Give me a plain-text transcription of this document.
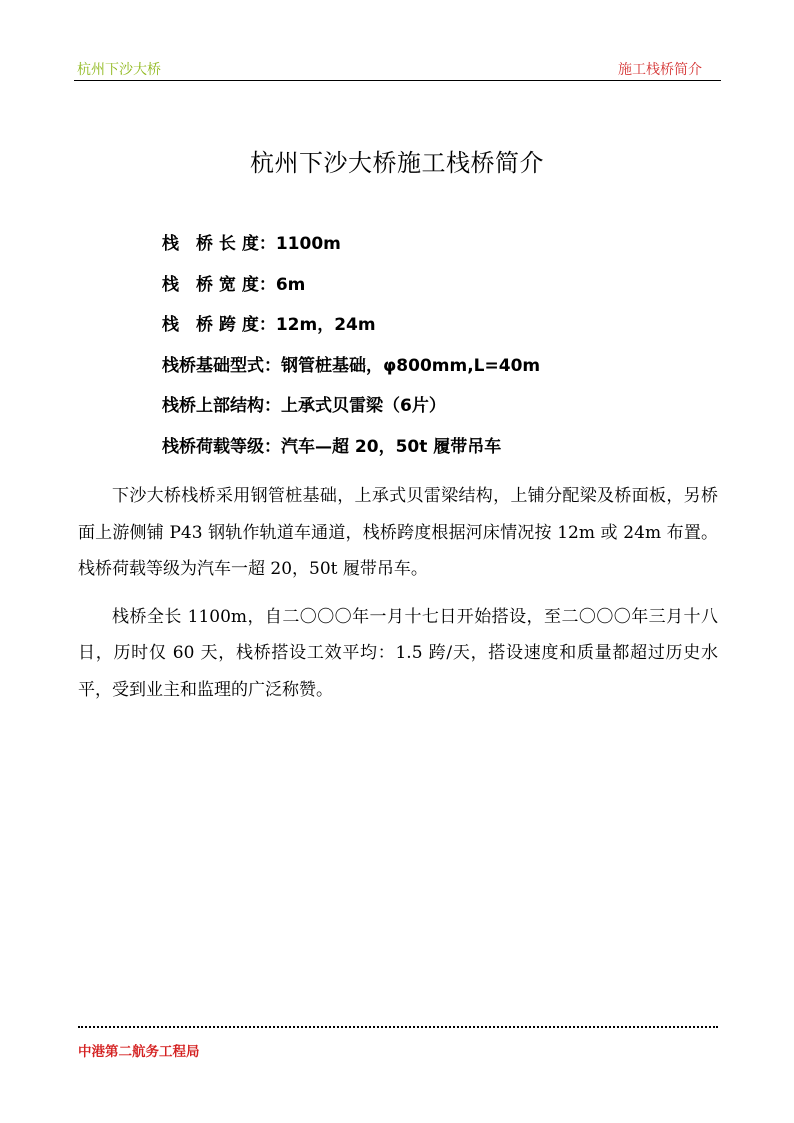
杭州下沙大桥	施工栈桥简介
杭州下沙大桥施工栈桥简介
栈　桥 长 度：1100m
栈　桥 宽 度：6m
栈　桥 跨 度：12m，24m
栈桥基础型式：钢管桩基础，φ800mm,L=40m
栈桥上部结构：上承式贝雷梁（6片）
栈桥荷载等级：汽车—超 20，50t 履带吊车

下沙大桥栈桥采用钢管桩基础，上承式贝雷梁结构，上铺分配梁及桥面板，另桥面上游侧铺 P43 钢轨作轨道车通道，栈桥跨度根据河床情况按 12m 或 24m 布置。栈桥荷载等级为汽车一超 20，50t 履带吊车。

栈桥全长 1100m，自二〇〇〇年一月十七日开始搭设，至二〇〇〇年三月十八日，历时仅 60 天，栈桥搭设工效平均：1.5 跨/天，搭设速度和质量都超过历史水平，受到业主和监理的广泛称赞。

中港第二航务工程局
